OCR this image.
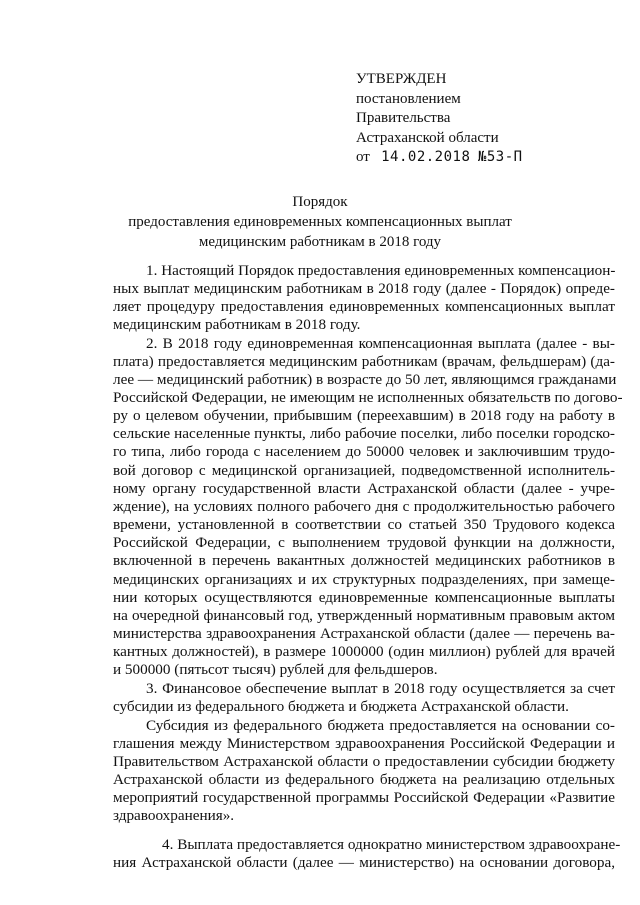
УТВЕРЖДЕН
постановлением
Правительства
Астраханской области
от 14.02.2018 №53-П
Порядок
предоставления единовременных компенсационных выплат
медицинским работникам в 2018 году
1. Настоящий Порядок предоставления единовременных компенсацион-
ных выплат медицинским работникам в 2018 году (далее - Порядок) опреде-
ляет процедуру предоставления единовременных компенсационных выплат
медицинским работникам в 2018 году.
2. В 2018 году единовременная компенсационная выплата (далее - вы-
плата) предоставляется медицинским работникам (врачам, фельдшерам) (да-
лее — медицинский работник) в возрасте до 50 лет, являющимся гражданами
Российской Федерации, не имеющим не исполненных обязательств по догово-
ру о целевом обучении, прибывшим (переехавшим) в 2018 году на работу в
сельские населенные пункты, либо рабочие поселки, либо поселки городско-
го типа, либо города с населением до 50000 человек и заключившим трудо-
вой договор с медицинской организацией, подведомственной исполнитель-
ному органу государственной власти Астраханской области (далее - учре-
ждение), на условиях полного рабочего дня с продолжительностью рабочего
времени, установленной в соответствии со статьей 350 Трудового кодекса
Российской Федерации, с выполнением трудовой функции на должности,
включенной в перечень вакантных должностей медицинских работников в
медицинских организациях и их структурных подразделениях, при замеще-
нии которых осуществляются единовременные компенсационные выплаты
на очередной финансовый год, утвержденный нормативным правовым актом
министерства здравоохранения Астраханской области (далее — перечень ва-
кантных должностей), в размере 1000000 (один миллион) рублей для врачей
и 500000 (пятьсот тысяч) рублей для фельдшеров.
3. Финансовое обеспечение выплат в 2018 году осуществляется за счет
субсидии из федерального бюджета и бюджета Астраханской области.
Субсидия из федерального бюджета предоставляется на основании со-
глашения между Министерством здравоохранения Российской Федерации и
Правительством Астраханской области о предоставлении субсидии бюджету
Астраханской области из федерального бюджета на реализацию отдельных
мероприятий государственной программы Российской Федерации «Развитие
здравоохранения».
4. Выплата предоставляется однократно министерством здравоохране-
ния Астраханской области (далее — министерство) на основании договора,
